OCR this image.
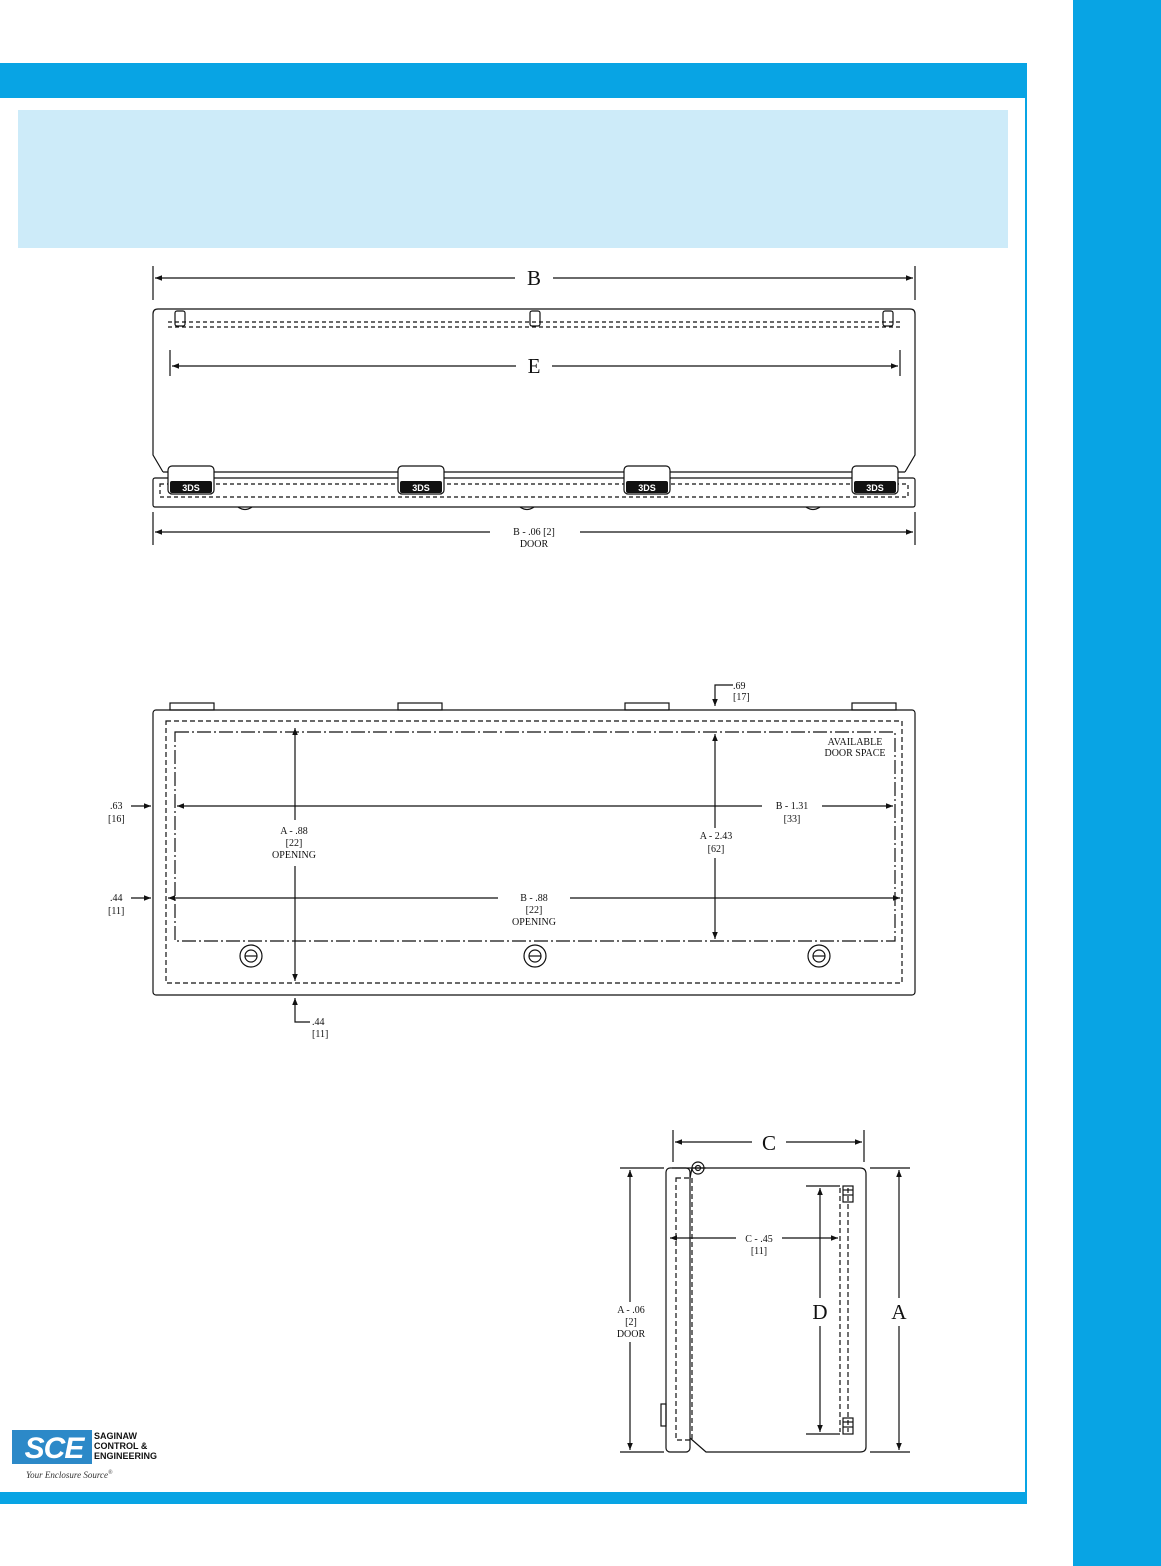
3DS	3DS	3DS	3DS
B
E
B - .06 [2]
DOOR
.69
[17]
AVAILABLE
DOOR SPACE
.63
[16]
.44
[11]
A - .88
[22]
OPENING
A - 2.43
[62]
B - 1.31
[33]
B - .88
[22]
OPENING
.44
[11]
C
C - .45
[11]
A - .06
[2]
DOOR
D	A
SCE	SAGINAW
CONTROL &
ENGINEERING
Your Enclosure Source®
